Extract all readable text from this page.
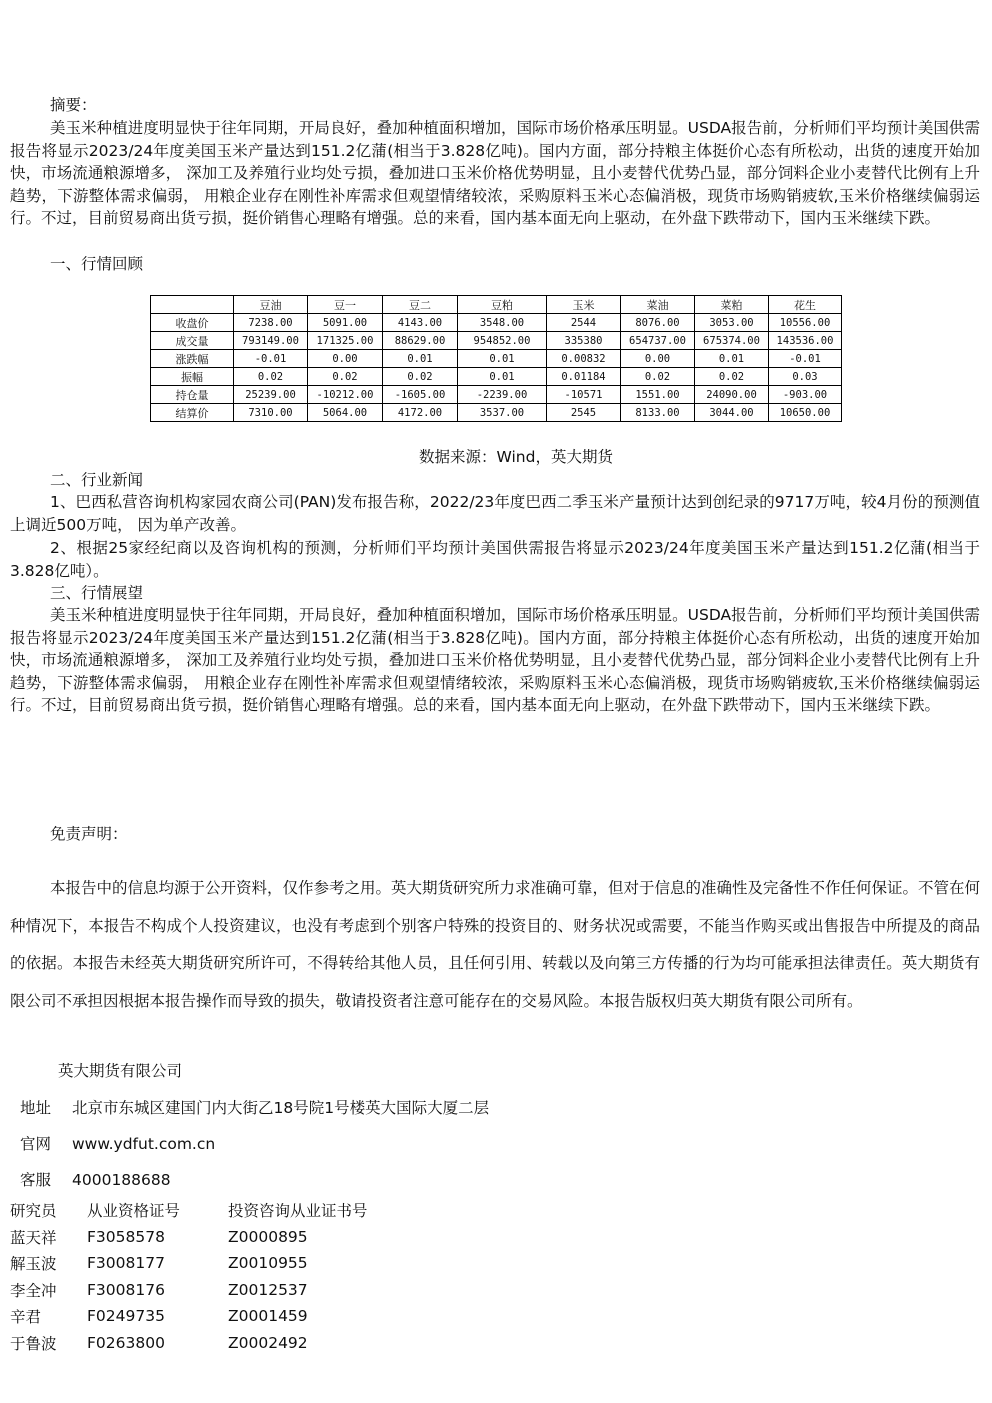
摘要：

美玉米种植进度明显快于往年同期，开局良好，叠加种植面积增加，国际市场价格承压明显。USDA报告前，分析师们平均预计美国供需报告将显示2023/24年度美国玉米产量达到151.2亿蒲(相当于3.828亿吨)。国内方面，部分持粮主体挺价心态有所松动，出货的速度开始加快，市场流通粮源增多， 深加工及养殖行业均处亏损，叠加进口玉米价格优势明显，且小麦替代优势凸显，部分饲料企业小麦替代比例有上升趋势，下游整体需求偏弱， 用粮企业存在刚性补库需求但观望情绪较浓，采购原料玉米心态偏消极，现货市场购销疲软,玉米价格继续偏弱运行。不过，目前贸易商出货亏损，挺价销售心理略有增强。总的来看，国内基本面无向上驱动，在外盘下跌带动下，国内玉米继续下跌。

一、行情回顾
	豆油	豆一	豆二	豆粕	玉米	菜油	菜粕	花生
收盘价	7238.00	5091.00	4143.00	3548.00	2544	8076.00	3053.00	10556.00
成交量	793149.00	171325.00	88629.00	954852.00	335380	654737.00	675374.00	143536.00
涨跌幅	-0.01	0.00	0.01	0.01	0.00832	0.00	0.01	-0.01
振幅	0.02	0.02	0.02	0.01	0.01184	0.02	0.02	0.03
持仓量	25239.00	-10212.00	-1605.00	-2239.00	-10571	1551.00	24090.00	-903.00
结算价	7310.00	5064.00	4172.00	3537.00	2545	8133.00	3044.00	10650.00
数据来源：Wind，英大期货
二、行业新闻

1、巴西私营咨询机构家园农商公司(PAN)发布报告称，2022/23年度巴西二季玉米产量预计达到创纪录的9717万吨，较4月份的预测值上调近500万吨， 因为单产改善。

2、根据25家经纪商以及咨询机构的预测，分析师们平均预计美国供需报告将显示2023/24年度美国玉米产量达到151.2亿蒲(相当于3.828亿吨）。

三、行情展望

美玉米种植进度明显快于往年同期，开局良好，叠加种植面积增加，国际市场价格承压明显。USDA报告前，分析师们平均预计美国供需报告将显示2023/24年度美国玉米产量达到151.2亿蒲(相当于3.828亿吨)。国内方面，部分持粮主体挺价心态有所松动，出货的速度开始加快，市场流通粮源增多， 深加工及养殖行业均处亏损，叠加进口玉米价格优势明显，且小麦替代优势凸显，部分饲料企业小麦替代比例有上升趋势，下游整体需求偏弱， 用粮企业存在刚性补库需求但观望情绪较浓，采购原料玉米心态偏消极，现货市场购销疲软,玉米价格继续偏弱运行。不过，目前贸易商出货亏损，挺价销售心理略有增强。总的来看，国内基本面无向上驱动，在外盘下跌带动下，国内玉米继续下跌。

免责声明：

本报告中的信息均源于公开资料，仅作参考之用。英大期货研究所力求准确可靠，但对于信息的准确性及完备性不作任何保证。不管在何种情况下，本报告不构成个人投资建议，也没有考虑到个别客户特殊的投资目的、财务状况或需要，不能当作购买或出售报告中所提及的商品的依据。本报告未经英大期货研究所许可，不得转给其他人员，且任何引用、转载以及向第三方传播的行为均可能承担法律责任。英大期货有限公司不承担因根据本报告操作而导致的损失，敬请投资者注意可能存在的交易风险。本报告版权归英大期货有限公司所有。

英大期货有限公司
地址 北京市东城区建国门内大街乙18号院1号楼英大国际大厦二层
官网 www.ydfut.com.cn
客服 4000188688
研究员	从业资格证号	投资咨询从业证书号
蓝天祥	F3058578	Z0000895
解玉波	F3008177	Z0010955
李全冲	F3008176	Z0012537
辛君	F0249735	Z0001459
于鲁波	F0263800	Z0002492
